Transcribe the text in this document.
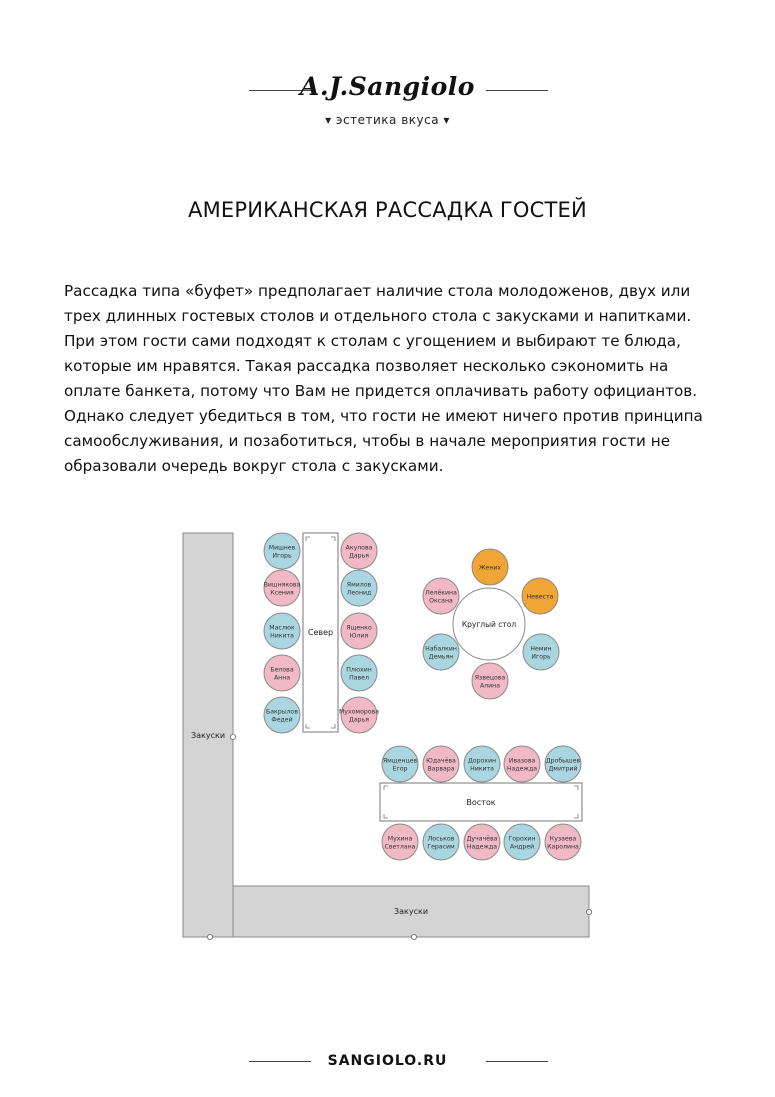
A.J.Sangiolo
▾ эстетика вкуса ▾
АМЕРИКАНСКАЯ РАССАДКА ГОСТЕЙ
Рассадка типа «буфет» предполагает наличие стола молодоженов, двух или
трех длинных гостевых столов и отдельного стола с закусками и напитками.
При этом гости сами подходят к столам с угощением и выбирают те блюда,
которые им нравятся. Такая рассадка позволяет несколько сэкономить на
оплате банкета, потому что Вам не придется оплачивать работу официантов.
Однако следует убедиться в том, что гости не имеют ничего против принципа
самообслуживания, и позаботиться, чтобы в начале мероприятия гости не
образовали очередь вокруг стола с закусками.
Закуски
Закуски
Север
Мишнев
Игорь
Вишнякова
Ксения
Маслюк
Никита
Белова
Анна
Бакрылов
Федей
Акулова
Дарья
Ямилов
Леонид
Ященко
Юлия
Плюхин
Павел
Мухоморова
Дарья
Круглый стол
Жених
Невеста
Немин
Игорь
Язвецова
Алина
Набалкин
Демьян
Лелёкина
Оксана
Восток
Ямщенцев
Егор
Юдачёва
Варвара
Дорохин
Никита
Ивазова
Надежда
Дробышев
Дмитрий
Мухина
Светлана
Лоськов
Герасим
Дучачёва
Надежда
Горохин
Андрей
Кузаева
Каролина
SANGIOLO.RU
